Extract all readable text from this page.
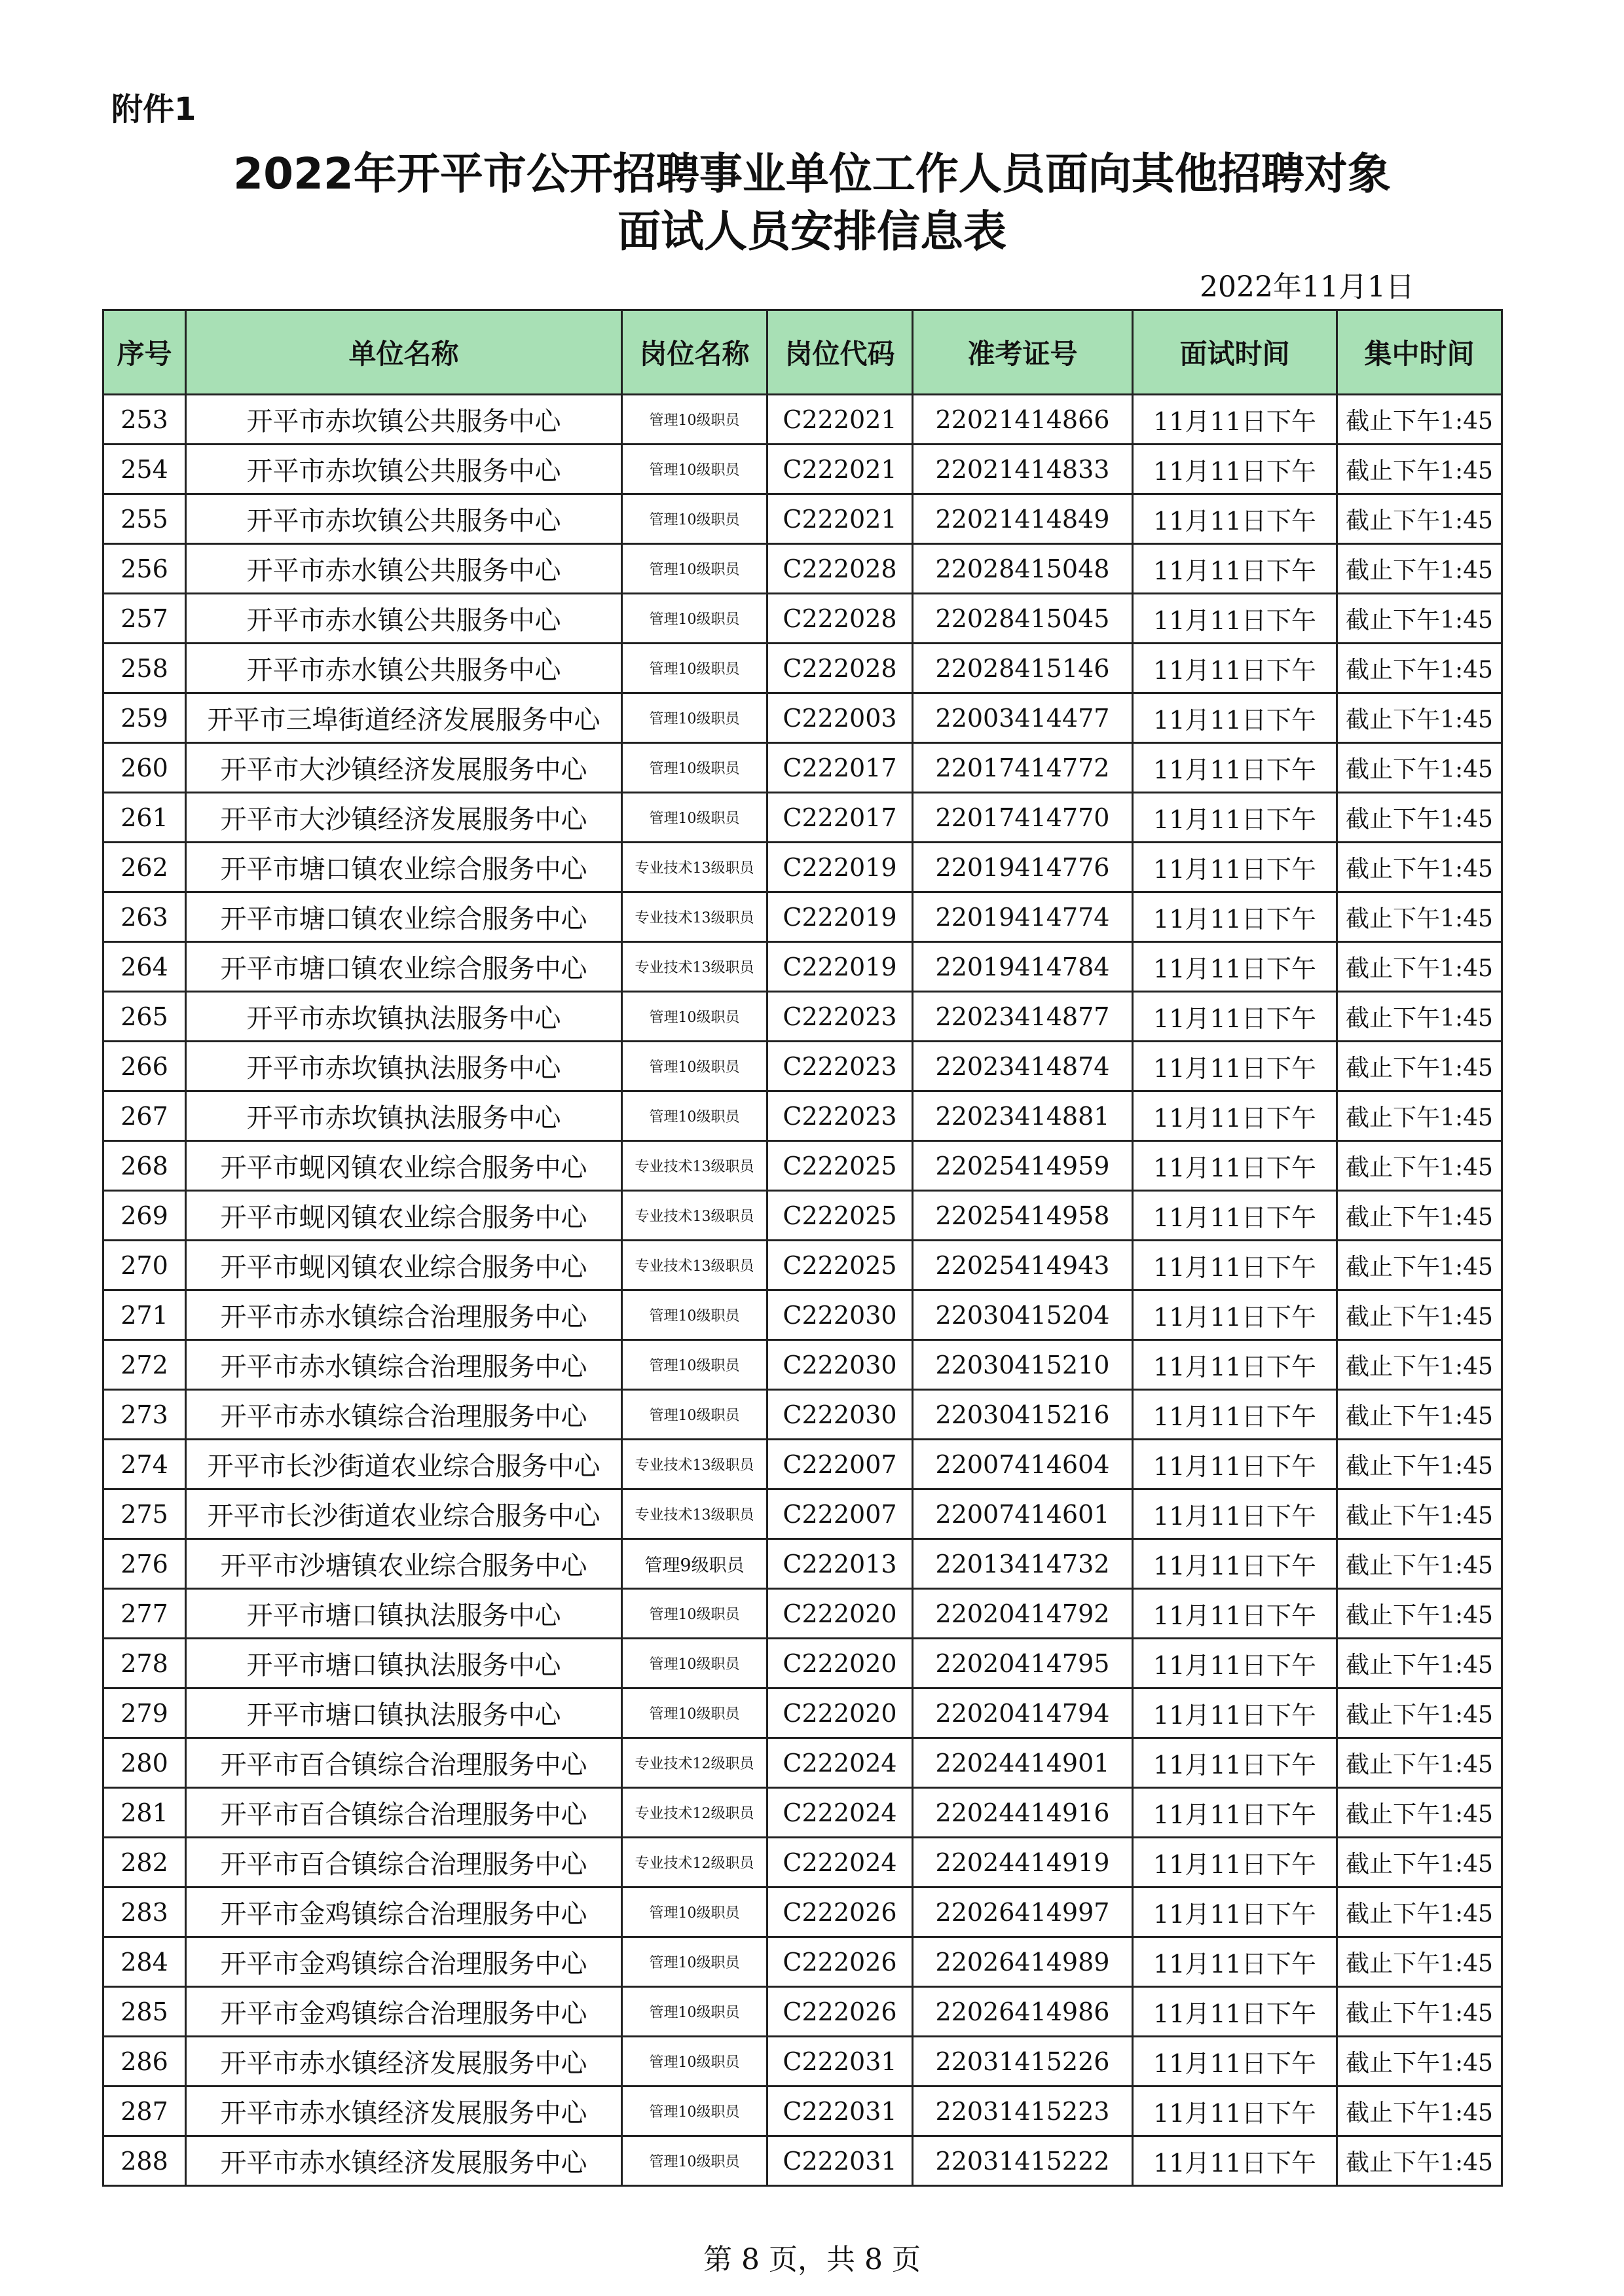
附件1
2022年开平市公开招聘事业单位工作人员面向其他招聘对象
面试人员安排信息表
2022年11月1日
序号	单位名称	岗位名称	岗位代码	准考证号	面试时间	集中时间
253	开平市赤坎镇公共服务中心	管理10级职员	C222021	22021414866	11月11日下午	截止下午1:45
254	开平市赤坎镇公共服务中心	管理10级职员	C222021	22021414833	11月11日下午	截止下午1:45
255	开平市赤坎镇公共服务中心	管理10级职员	C222021	22021414849	11月11日下午	截止下午1:45
256	开平市赤水镇公共服务中心	管理10级职员	C222028	22028415048	11月11日下午	截止下午1:45
257	开平市赤水镇公共服务中心	管理10级职员	C222028	22028415045	11月11日下午	截止下午1:45
258	开平市赤水镇公共服务中心	管理10级职员	C222028	22028415146	11月11日下午	截止下午1:45
259	开平市三埠街道经济发展服务中心	管理10级职员	C222003	22003414477	11月11日下午	截止下午1:45
260	开平市大沙镇经济发展服务中心	管理10级职员	C222017	22017414772	11月11日下午	截止下午1:45
261	开平市大沙镇经济发展服务中心	管理10级职员	C222017	22017414770	11月11日下午	截止下午1:45
262	开平市塘口镇农业综合服务中心	专业技术13级职员	C222019	22019414776	11月11日下午	截止下午1:45
263	开平市塘口镇农业综合服务中心	专业技术13级职员	C222019	22019414774	11月11日下午	截止下午1:45
264	开平市塘口镇农业综合服务中心	专业技术13级职员	C222019	22019414784	11月11日下午	截止下午1:45
265	开平市赤坎镇执法服务中心	管理10级职员	C222023	22023414877	11月11日下午	截止下午1:45
266	开平市赤坎镇执法服务中心	管理10级职员	C222023	22023414874	11月11日下午	截止下午1:45
267	开平市赤坎镇执法服务中心	管理10级职员	C222023	22023414881	11月11日下午	截止下午1:45
268	开平市蚬冈镇农业综合服务中心	专业技术13级职员	C222025	22025414959	11月11日下午	截止下午1:45
269	开平市蚬冈镇农业综合服务中心	专业技术13级职员	C222025	22025414958	11月11日下午	截止下午1:45
270	开平市蚬冈镇农业综合服务中心	专业技术13级职员	C222025	22025414943	11月11日下午	截止下午1:45
271	开平市赤水镇综合治理服务中心	管理10级职员	C222030	22030415204	11月11日下午	截止下午1:45
272	开平市赤水镇综合治理服务中心	管理10级职员	C222030	22030415210	11月11日下午	截止下午1:45
273	开平市赤水镇综合治理服务中心	管理10级职员	C222030	22030415216	11月11日下午	截止下午1:45
274	开平市长沙街道农业综合服务中心	专业技术13级职员	C222007	22007414604	11月11日下午	截止下午1:45
275	开平市长沙街道农业综合服务中心	专业技术13级职员	C222007	22007414601	11月11日下午	截止下午1:45
276	开平市沙塘镇农业综合服务中心	管理9级职员	C222013	22013414732	11月11日下午	截止下午1:45
277	开平市塘口镇执法服务中心	管理10级职员	C222020	22020414792	11月11日下午	截止下午1:45
278	开平市塘口镇执法服务中心	管理10级职员	C222020	22020414795	11月11日下午	截止下午1:45
279	开平市塘口镇执法服务中心	管理10级职员	C222020	22020414794	11月11日下午	截止下午1:45
280	开平市百合镇综合治理服务中心	专业技术12级职员	C222024	22024414901	11月11日下午	截止下午1:45
281	开平市百合镇综合治理服务中心	专业技术12级职员	C222024	22024414916	11月11日下午	截止下午1:45
282	开平市百合镇综合治理服务中心	专业技术12级职员	C222024	22024414919	11月11日下午	截止下午1:45
283	开平市金鸡镇综合治理服务中心	管理10级职员	C222026	22026414997	11月11日下午	截止下午1:45
284	开平市金鸡镇综合治理服务中心	管理10级职员	C222026	22026414989	11月11日下午	截止下午1:45
285	开平市金鸡镇综合治理服务中心	管理10级职员	C222026	22026414986	11月11日下午	截止下午1:45
286	开平市赤水镇经济发展服务中心	管理10级职员	C222031	22031415226	11月11日下午	截止下午1:45
287	开平市赤水镇经济发展服务中心	管理10级职员	C222031	22031415223	11月11日下午	截止下午1:45
288	开平市赤水镇经济发展服务中心	管理10级职员	C222031	22031415222	11月11日下午	截止下午1:45
第 8 页，共 8 页
